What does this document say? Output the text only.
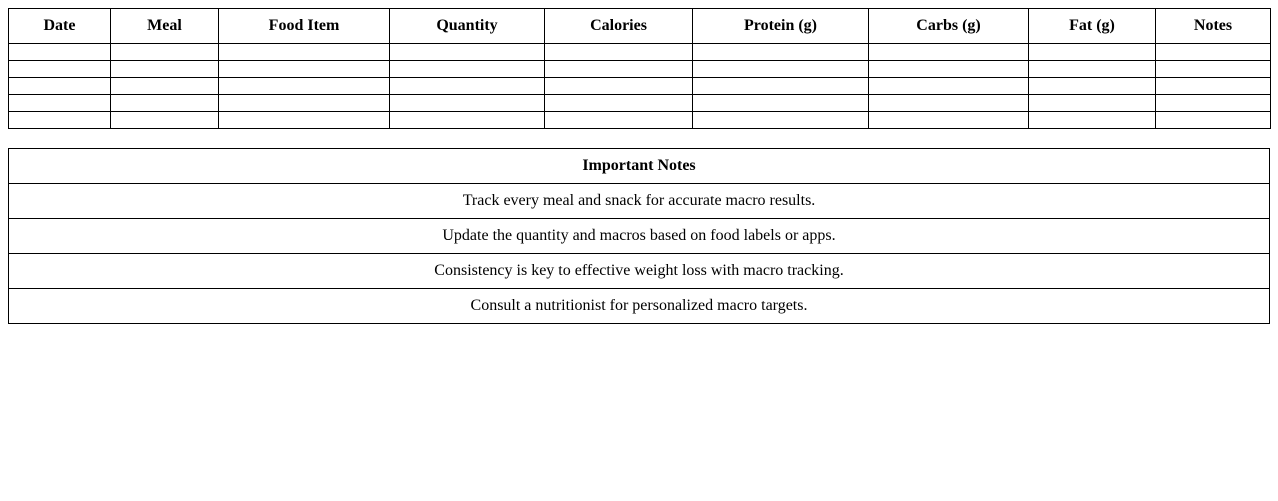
Date	Meal	Food Item	Quantity	Calories	Protein (g)	Carbs (g)	Fat (g)	Notes

Important Notes
Track every meal and snack for accurate macro results.
Update the quantity and macros based on food labels or apps.
Consistency is key to effective weight loss with macro tracking.
Consult a nutritionist for personalized macro targets.
